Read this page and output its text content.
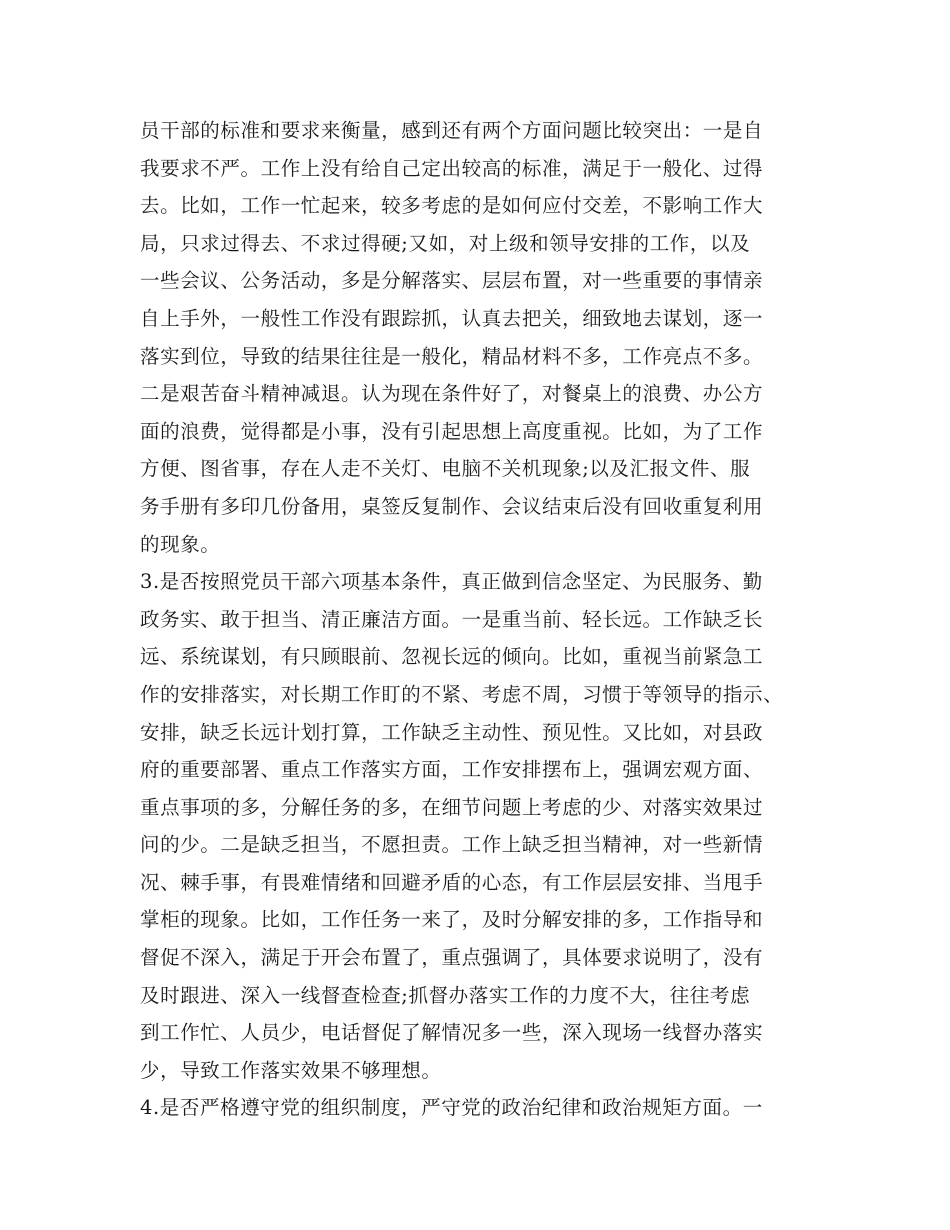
员干部的标准和要求来衡量，感到还有两个方面问题比较突出：一是自
我要求不严。工作上没有给自己定出较高的标准，满足于一般化、过得
去。比如，工作一忙起来，较多考虑的是如何应付交差，不影响工作大
局，只求过得去、不求过得硬;又如，对上级和领导安排的工作，以及
一些会议、公务活动，多是分解落实、层层布置，对一些重要的事情亲
自上手外，一般性工作没有跟踪抓，认真去把关，细致地去谋划，逐一
落实到位，导致的结果往往是一般化，精品材料不多，工作亮点不多。
二是艰苦奋斗精神减退。认为现在条件好了，对餐桌上的浪费、办公方
面的浪费，觉得都是小事，没有引起思想上高度重视。比如，为了工作
方便、图省事，存在人走不关灯、电脑不关机现象;以及汇报文件、服
务手册有多印几份备用，桌签反复制作、会议结束后没有回收重复利用
的现象。
3.是否按照党员干部六项基本条件，真正做到信念坚定、为民服务、勤
政务实、敢于担当、清正廉洁方面。一是重当前、轻长远。工作缺乏长
远、系统谋划，有只顾眼前、忽视长远的倾向。比如，重视当前紧急工
作的安排落实，对长期工作盯的不紧、考虑不周，习惯于等领导的指示、
安排，缺乏长远计划打算，工作缺乏主动性、预见性。又比如，对县政
府的重要部署、重点工作落实方面，工作安排摆布上，强调宏观方面、
重点事项的多，分解任务的多，在细节问题上考虑的少、对落实效果过
问的少。二是缺乏担当，不愿担责。工作上缺乏担当精神，对一些新情
况、棘手事，有畏难情绪和回避矛盾的心态，有工作层层安排、当甩手
掌柜的现象。比如，工作任务一来了，及时分解安排的多，工作指导和
督促不深入，满足于开会布置了，重点强调了，具体要求说明了，没有
及时跟进、深入一线督查检查;抓督办落实工作的力度不大，往往考虑
到工作忙、人员少，电话督促了解情况多一些，深入现场一线督办落实
少，导致工作落实效果不够理想。
4.是否严格遵守党的组织制度，严守党的政治纪律和政治规矩方面。一
